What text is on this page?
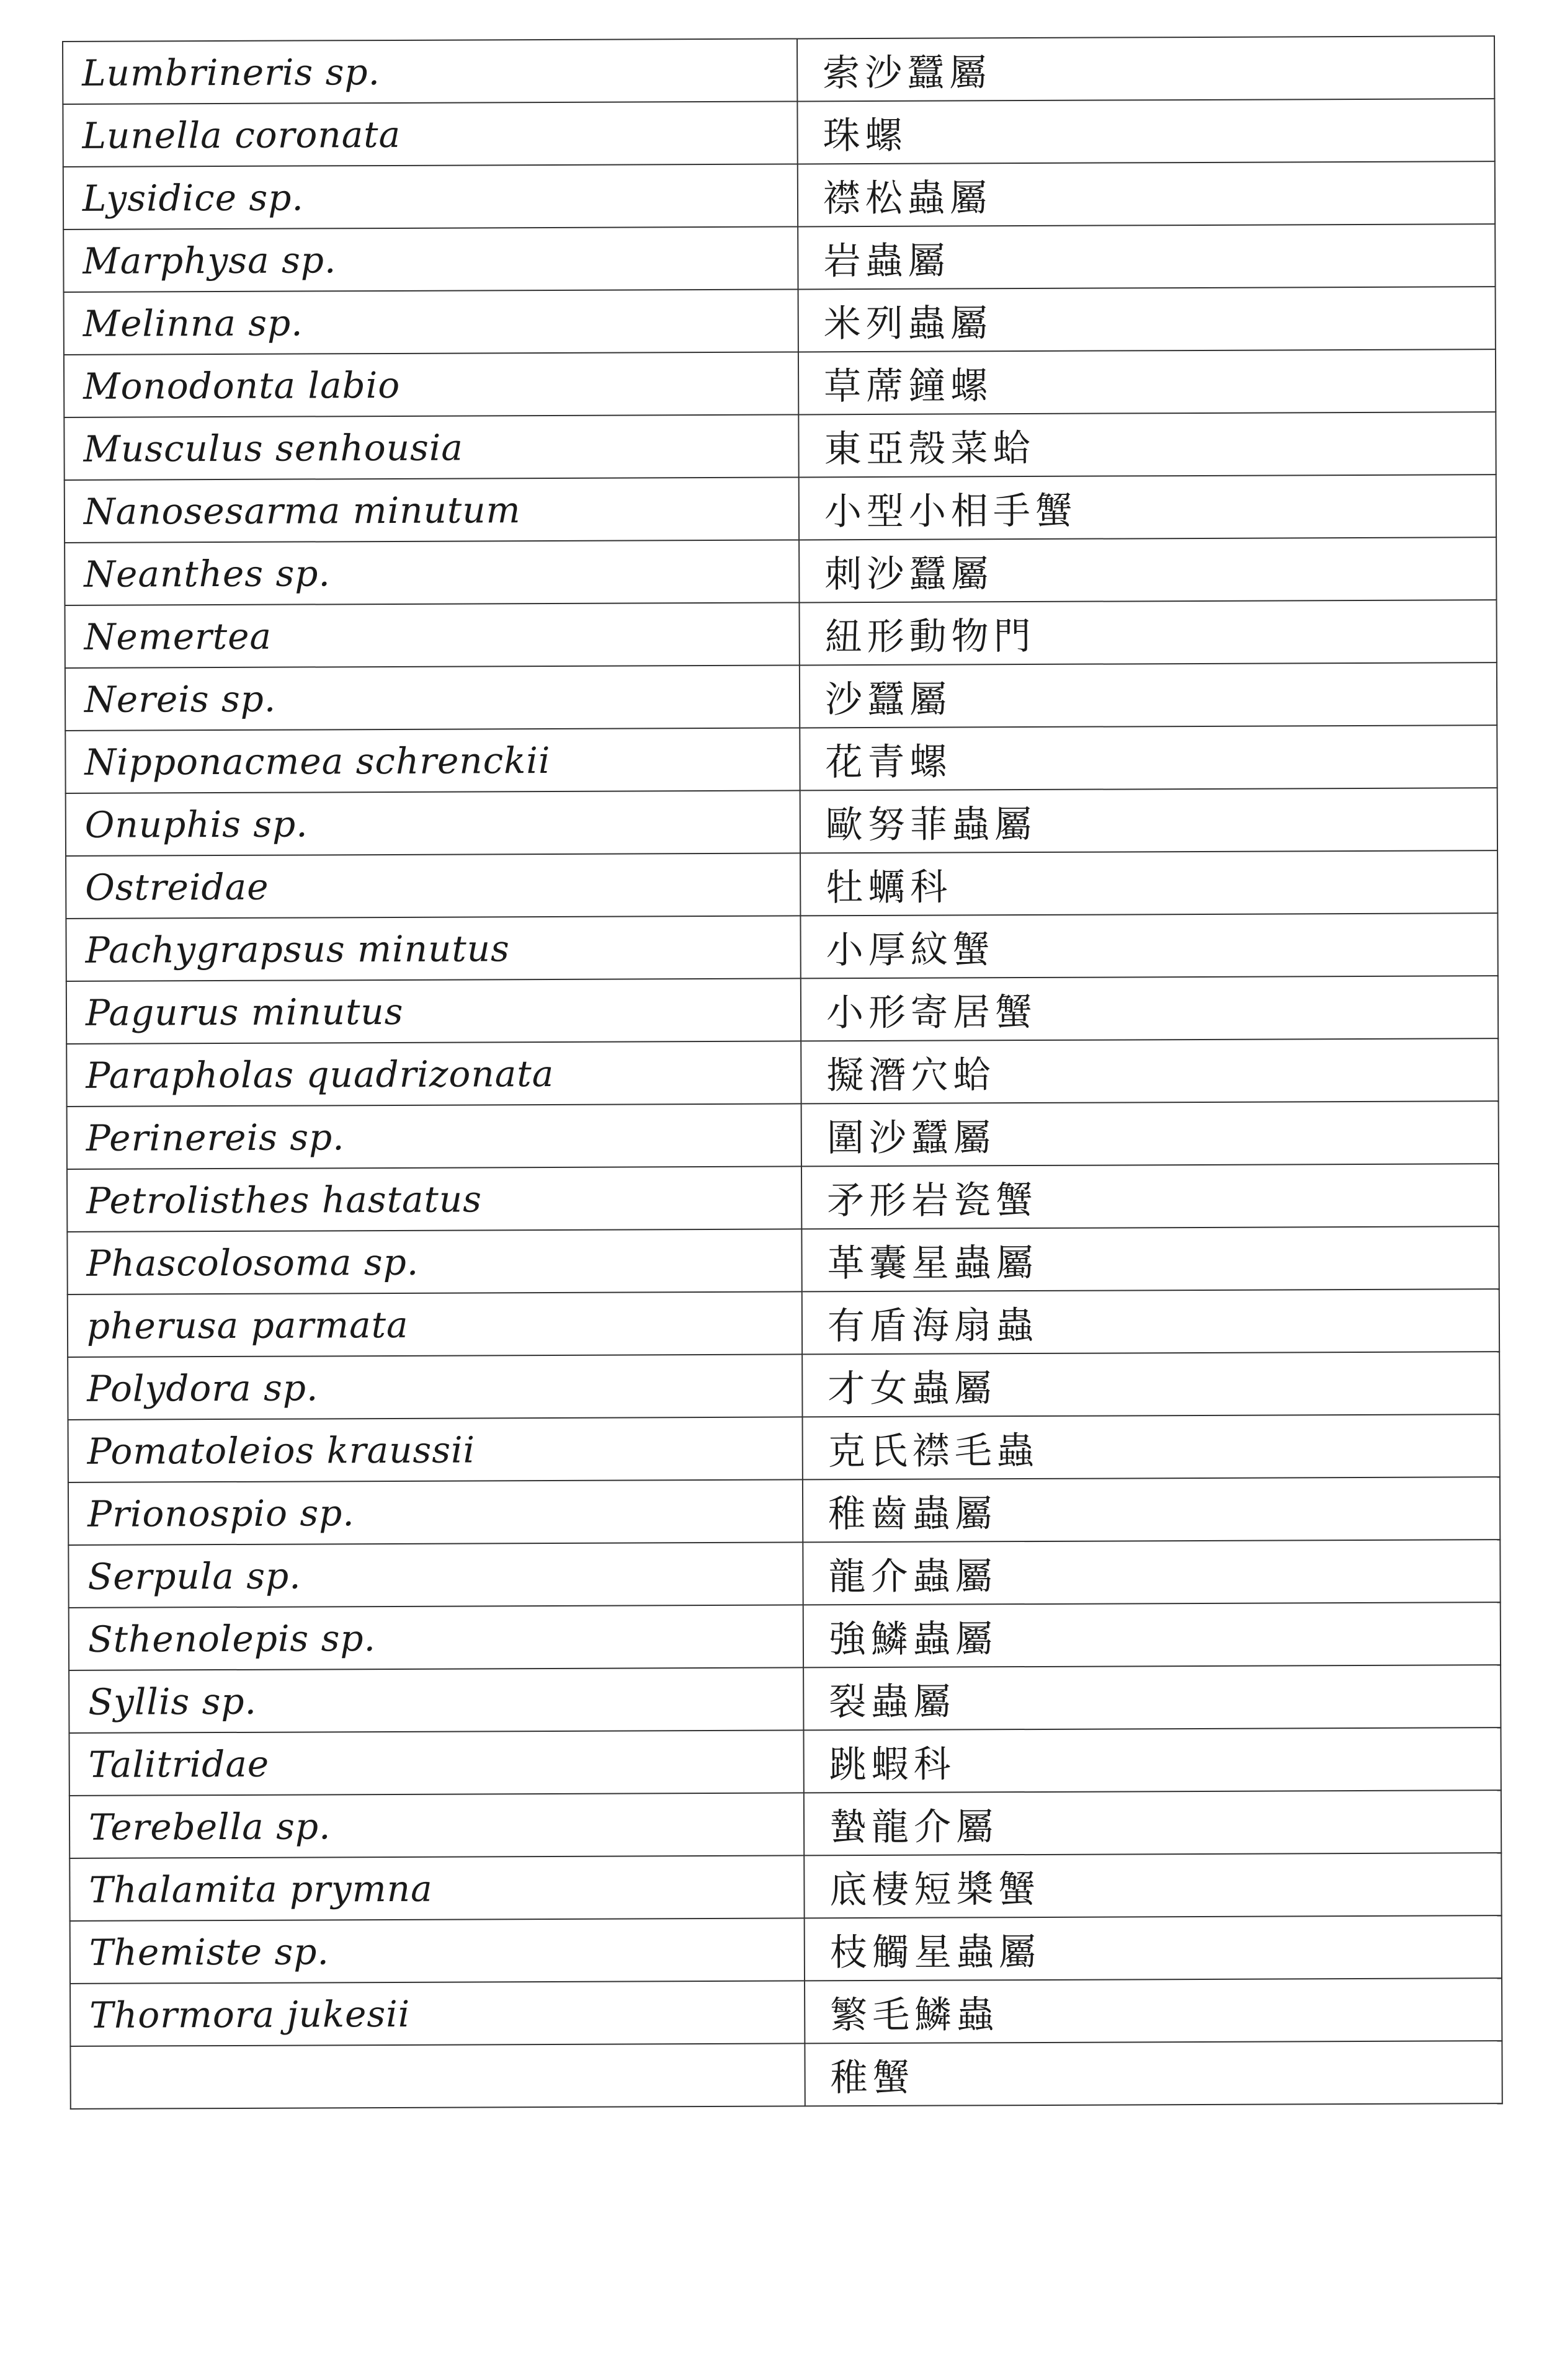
Lumbrineris sp.	索沙蠶屬
Lunella coronata	珠螺
Lysidice sp.	襟松蟲屬
Marphysa sp.	岩蟲屬
Melinna sp.	米列蟲屬
Monodonta labio	草蓆鐘螺
Musculus senhousia	東亞殼菜蛤
Nanosesarma minutum	小型小相手蟹
Neanthes sp.	刺沙蠶屬
Nemertea	紐形動物門
Nereis sp.	沙蠶屬
Nipponacmea schrenckii	花青螺
Onuphis sp.	歐努菲蟲屬
Ostreidae	牡蠣科
Pachygrapsus minutus	小厚紋蟹
Pagurus minutus	小形寄居蟹
Parapholas quadrizonata	擬潛穴蛤
Perinereis sp.	圍沙蠶屬
Petrolisthes hastatus	矛形岩瓷蟹
Phascolosoma sp.	革囊星蟲屬
pherusa parmata	有盾海扇蟲
Polydora sp.	才女蟲屬
Pomatoleios kraussii	克氏襟毛蟲
Prionospio sp.	稚齒蟲屬
Serpula sp.	龍介蟲屬
Sthenolepis sp.	強鱗蟲屬
Syllis sp.	裂蟲屬
Talitridae	跳蝦科
Terebella sp.	蟄龍介屬
Thalamita prymna	底棲短槳蟹
Themiste sp.	枝觸星蟲屬
Thormora jukesii	繁毛鱗蟲
	稚蟹
